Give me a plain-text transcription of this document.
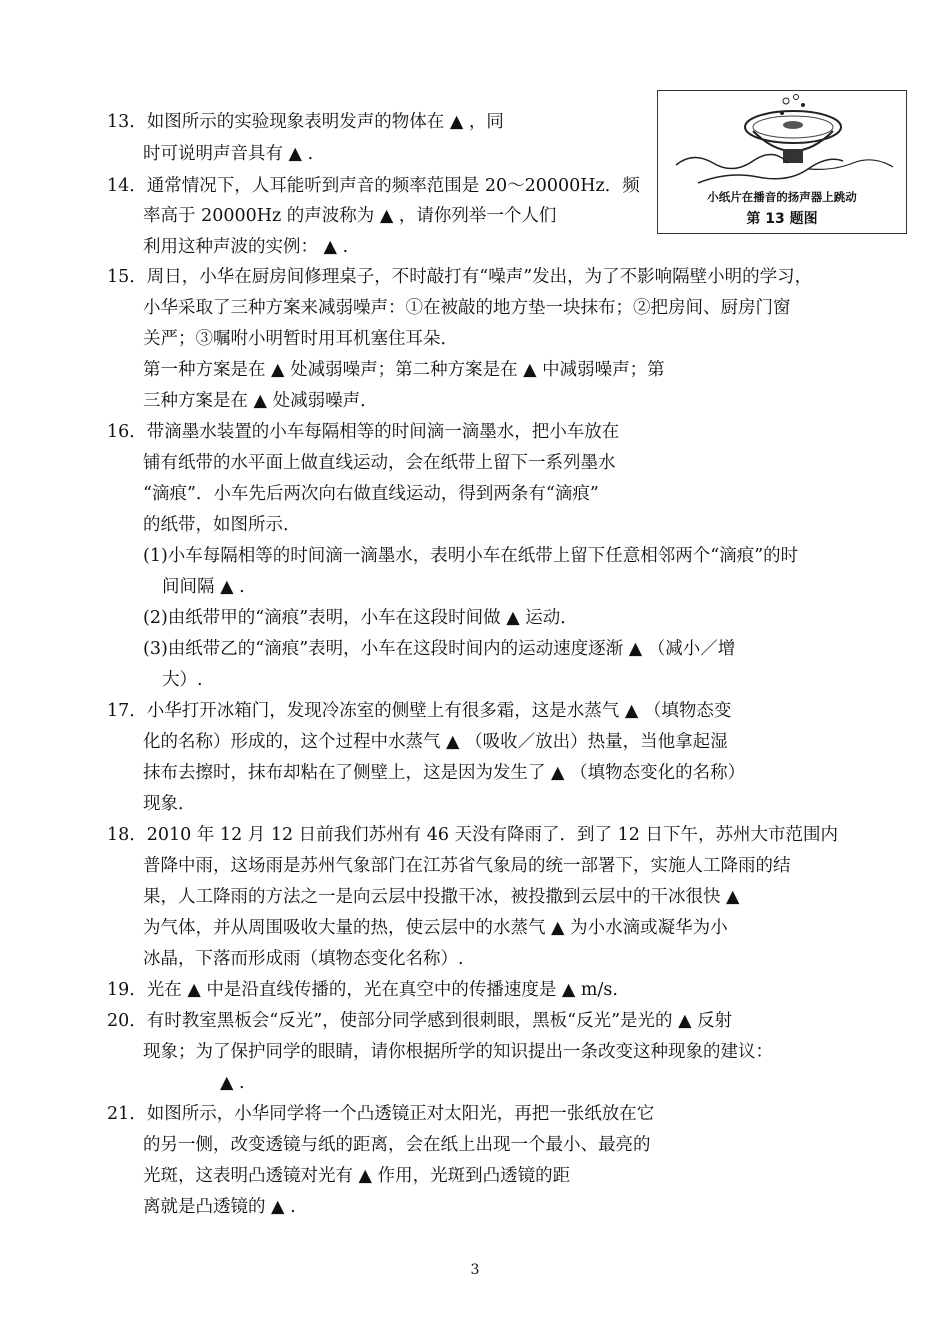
13．如图所示的实验现象表明发声的物体在 ▲ ，同
时可说明声音具有 ▲ .
14．通常情况下，人耳能听到声音的频率范围是 20～20000Hz．频
率高于 20000Hz 的声波称为 ▲ ，请你列举一个人们
利用这种声波的实例： ▲ .
15．周日，小华在厨房间修理桌子，不时敲打有“噪声”发出，为了不影响隔壁小明的学习，
小华采取了三种方案来减弱噪声：①在被敲的地方垫一块抹布；②把房间、厨房门窗
关严；③嘱咐小明暂时用耳机塞住耳朵．
第一种方案是在 ▲ 处减弱噪声；第二种方案是在 ▲ 中减弱噪声；第
三种方案是在 ▲ 处减弱噪声．
16．带滴墨水装置的小车每隔相等的时间滴一滴墨水，把小车放在
铺有纸带的水平面上做直线运动，会在纸带上留下一系列墨水
“滴痕”．小车先后两次向右做直线运动，得到两条有“滴痕”
的纸带，如图所示．
(1)小车每隔相等的时间滴一滴墨水，表明小车在纸带上留下任意相邻两个“滴痕”的时
间间隔 ▲ .
(2)由纸带甲的“滴痕”表明，小车在这段时间做 ▲ 运动．
(3)由纸带乙的“滴痕”表明，小车在这段时间内的运动速度逐渐 ▲ （减小／增
大）.
17．小华打开冰箱门，发现冷冻室的侧壁上有很多霜，这是水蒸气 ▲ （填物态变
化的名称）形成的，这个过程中水蒸气 ▲ （吸收／放出）热量，当他拿起湿
抹布去擦时，抹布却粘在了侧壁上，这是因为发生了 ▲ （填物态变化的名称）
现象．
18．2010 年 12 月 12 日前我们苏州有 46 天没有降雨了．到了 12 日下午，苏州大市范围内
普降中雨，这场雨是苏州气象部门在江苏省气象局的统一部署下，实施人工降雨的结
果，人工降雨的方法之一是向云层中投撒干冰，被投撒到云层中的干冰很快 ▲
为气体，并从周围吸收大量的热，使云层中的水蒸气 ▲ 为小水滴或凝华为小
冰晶，下落而形成雨（填物态变化名称）.
19．光在 ▲ 中是沿直线传播的，光在真空中的传播速度是 ▲ m/s.
20．有时教室黑板会“反光”，使部分同学感到很刺眼，黑板“反光”是光的 ▲ 反射
现象；为了保护同学的眼睛，请你根据所学的知识提出一条改变这种现象的建议：
▲ .
21．如图所示，小华同学将一个凸透镜正对太阳光，再把一张纸放在它
的另一侧，改变透镜与纸的距离，会在纸上出现一个最小、最亮的
光斑，这表明凸透镜对光有 ▲ 作用，光斑到凸透镜的距
离就是凸透镜的 ▲ .
小纸片在播音的扬声器上跳动
第 13 题图
3
